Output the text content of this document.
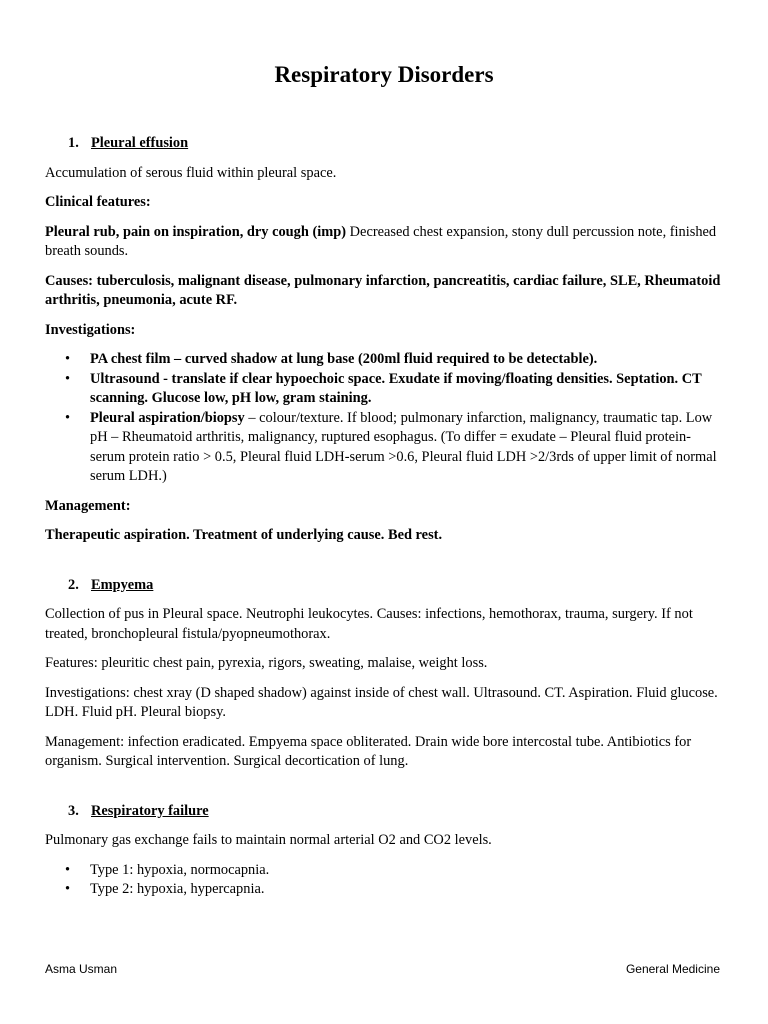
Respiratory Disorders
1. Pleural effusion

Accumulation of serous fluid within pleural space.

Clinical features:

Pleural rub, pain on inspiration, dry cough (imp) Decreased chest expansion, stony dull percussion note, finished breath sounds.

Causes: tuberculosis, malignant disease, pulmonary infarction, pancreatitis, cardiac failure, SLE, Rheumatoid arthritis, pneumonia, acute RF.

Investigations:

• PA chest film – curved shadow at lung base (200ml fluid required to be detectable).
• Ultrasound - translate if clear hypoechoic space. Exudate if moving/floating densities. Septation. CT scanning. Glucose low, pH low, gram staining.
• Pleural aspiration/biopsy – colour/texture. If blood; pulmonary infarction, malignancy, traumatic tap. Low pH – Rheumatoid arthritis, malignancy, ruptured esophagus. (To differ = exudate – Pleural fluid protein-serum protein ratio > 0.5, Pleural fluid LDH-serum >0.6, Pleural fluid LDH >2/3rds of upper limit of normal serum LDH.)

Management:

Therapeutic aspiration. Treatment of underlying cause. Bed rest.

2. Empyema

Collection of pus in Pleural space. Neutrophi leukocytes. Causes: infections, hemothorax, trauma, surgery. If not treated, bronchopleural fistula/pyopneumothorax.

Features: pleuritic chest pain, pyrexia, rigors, sweating, malaise, weight loss.

Investigations: chest xray (D shaped shadow) against inside of chest wall. Ultrasound. CT. Aspiration. Fluid glucose. LDH. Fluid pH. Pleural biopsy.

Management: infection eradicated. Empyema space obliterated. Drain wide bore intercostal tube. Antibiotics for organism. Surgical intervention. Surgical decortication of lung.

3. Respiratory failure

Pulmonary gas exchange fails to maintain normal arterial O2 and CO2 levels.

• Type 1: hypoxia, normocapnia.
• Type 2: hypoxia, hypercapnia.
Asma Usman	General Medicine
